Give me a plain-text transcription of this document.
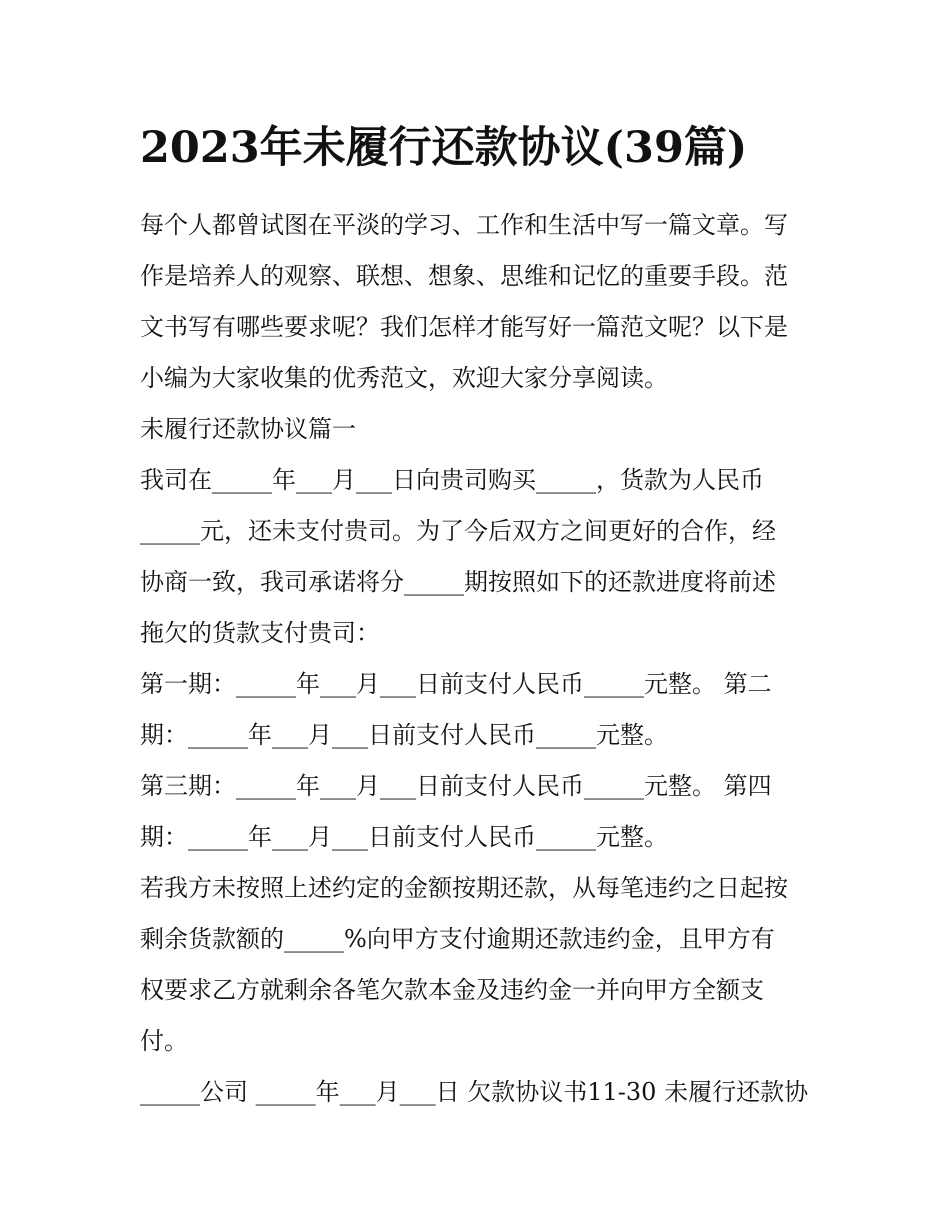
2023年未履行还款协议(39篇)
每个人都曾试图在平淡的学习、工作和生活中写一篇文章。写
作是培养人的观察、联想、想象、思维和记忆的重要手段。范
文书写有哪些要求呢？我们怎样才能写好一篇范文呢？以下是
小编为大家收集的优秀范文，欢迎大家分享阅读。
未履行还款协议篇一
我司在_____年___月___日向贵司购买_____，货款为人民币
_____元，还未支付贵司。为了今后双方之间更好的合作，经
协商一致，我司承诺将分_____期按照如下的还款进度将前述
拖欠的货款支付贵司：
第一期：_____年___月___日前支付人民币_____元整。 第二
期：_____年___月___日前支付人民币_____元整。
第三期：_____年___月___日前支付人民币_____元整。 第四
期：_____年___月___日前支付人民币_____元整。
若我方未按照上述约定的金额按期还款，从每笔违约之日起按
剩余货款额的_____%向甲方支付逾期还款违约金，且甲方有
权要求乙方就剩余各笔欠款本金及违约金一并向甲方全额支
付。
_____公司 _____年___月___日 欠款协议书11-30 未履行还款协
